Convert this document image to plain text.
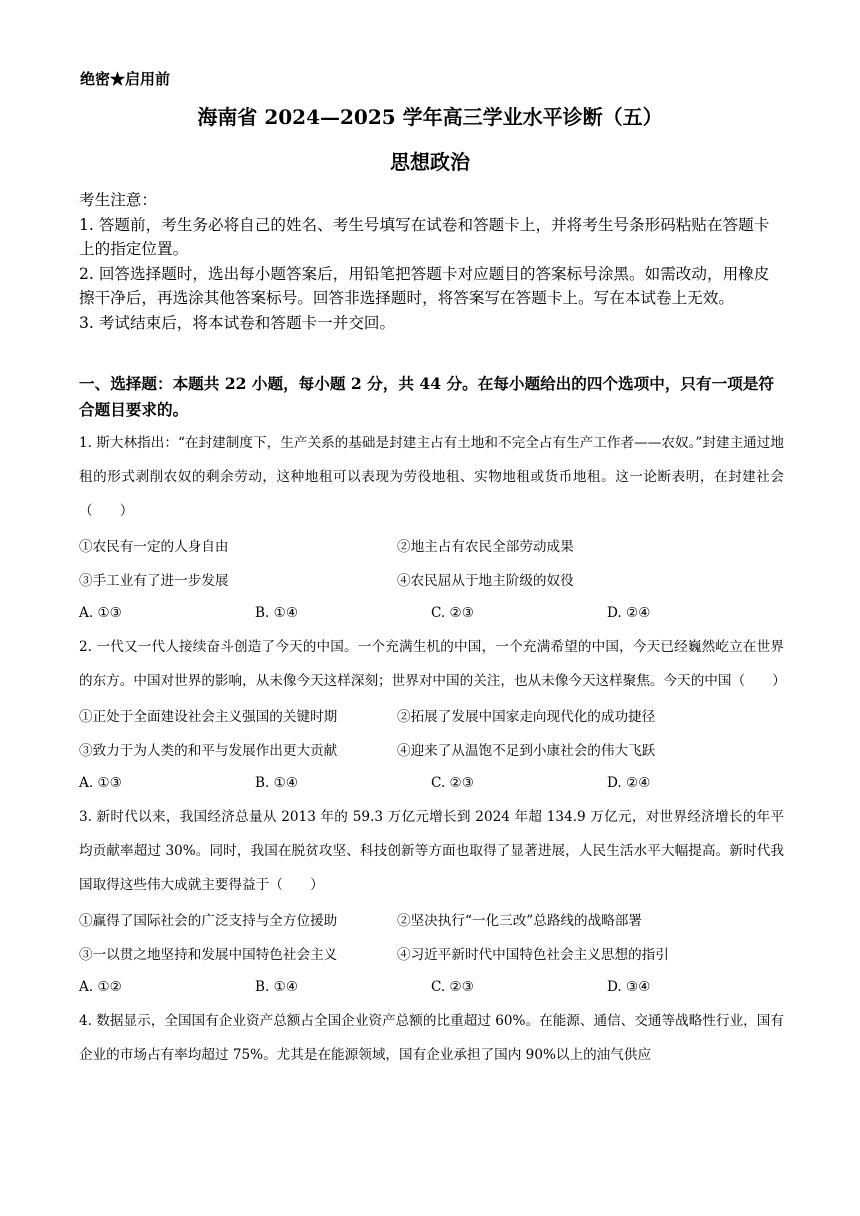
绝密★启用前
海南省 2024—2025 学年高三学业水平诊断（五）
思想政治

考生注意：

1. 答题前，考生务必将自己的姓名、考生号填写在试卷和答题卡上，并将考生号条形码粘贴在答题卡上的指定位置。

2. 回答选择题时，选出每小题答案后，用铅笔把答题卡对应题目的答案标号涂黑。如需改动，用橡皮擦干净后，再选涂其他答案标号。回答非选择题时，将答案写在答题卡上。写在本试卷上无效。

3. 考试结束后，将本试卷和答题卡一并交回。

一、选择题：本题共 22 小题，每小题 2 分，共 44 分。在每小题给出的四个选项中，只有一项是符合题目要求的。

1. 斯大林指出：“在封建制度下，生产关系的基础是封建主占有土地和不完全占有生产工作者——农奴。”封建主通过地租的形式剥削农奴的剩余劳动，这种地租可以表现为劳役地租、实物地租或货币地租。这一论断表明，在封建社会（　　）

①农民有一定的人身自由	②地主占有农民全部劳动成果
③手工业有了进一步发展	④农民屈从于地主阶级的奴役
A. ①③	B. ①④	C. ②③	D. ②④

2. 一代又一代人接续奋斗创造了今天的中国。一个充满生机的中国，一个充满希望的中国，今天已经巍然屹立在世界的东方。中国对世界的影响，从未像今天这样深刻；世界对中国的关注，也从未像今天这样聚焦。今天的中国（　　）

①正处于全面建设社会主义强国的关键时期	②拓展了发展中国家走向现代化的成功捷径
③致力于为人类的和平与发展作出更大贡献	④迎来了从温饱不足到小康社会的伟大飞跃
A. ①③	B. ①④	C. ②③	D. ②④

3. 新时代以来，我国经济总量从 2013 年的 59.3 万亿元增长到 2024 年超 134.9 万亿元，对世界经济增长的年平均贡献率超过 30%。同时，我国在脱贫攻坚、科技创新等方面也取得了显著进展，人民生活水平大幅提高。新时代我国取得这些伟大成就主要得益于（　　）

①赢得了国际社会的广泛支持与全方位援助	②坚决执行“一化三改”总路线的战略部署
③一以贯之地坚持和发展中国特色社会主义	④习近平新时代中国特色社会主义思想的指引
A. ①②	B. ①④	C. ②③	D. ③④

4. 数据显示，全国国有企业资产总额占全国企业资产总额的比重超过 60%。在能源、通信、交通等战略性行业，国有企业的市场占有率均超过 75%。尤其是在能源领域，国有企业承担了国内 90%以上的油气供应
